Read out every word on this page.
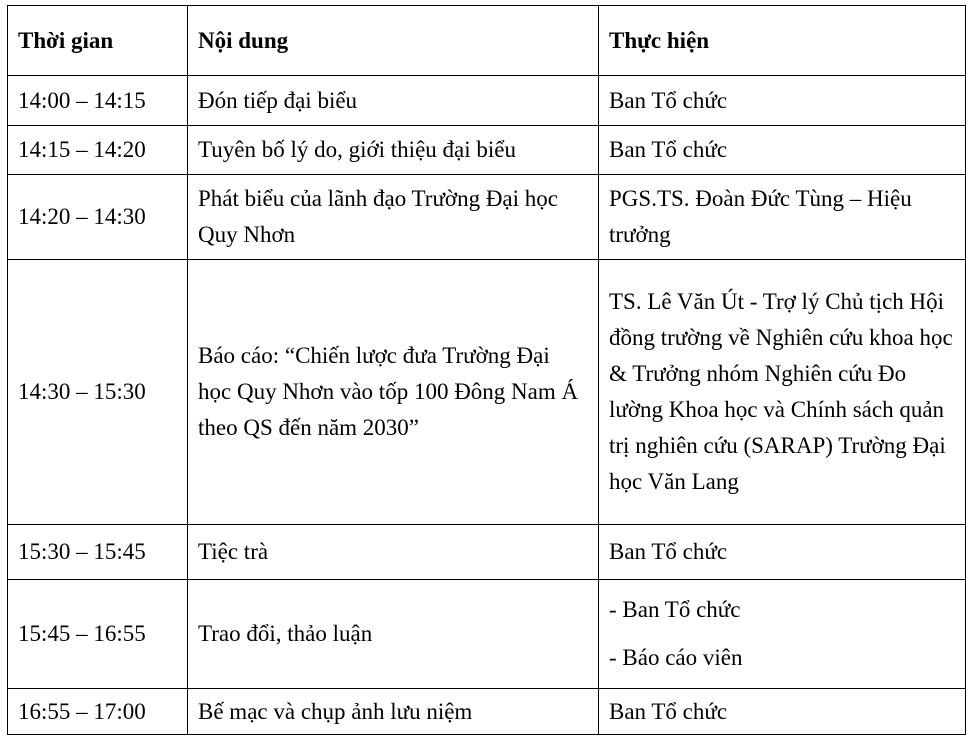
Thời gian	Nội dung	Thực hiện
14:00 – 14:15	Đón tiếp đại biểu	Ban Tổ chức
14:15 – 14:20	Tuyên bố lý do, giới thiệu đại biểu	Ban Tổ chức
14:20 – 14:30	Phát biểu của lãnh đạo Trường Đại học Quy Nhơn	PGS.TS. Đoàn Đức Tùng – Hiệu trưởng
14:30 – 15:30	Báo cáo: “Chiến lược đưa Trường Đại học Quy Nhơn vào tốp 100 Đông Nam Á theo QS đến năm 2030”	TS. Lê Văn Út - Trợ lý Chủ tịch Hội đồng trường về Nghiên cứu khoa học & Trưởng nhóm Nghiên cứu Đo lường Khoa học và Chính sách quản trị nghiên cứu (SARAP) Trường Đại học Văn Lang
15:30 – 15:45	Tiệc trà	Ban Tổ chức
15:45 – 16:55	Trao đổi, thảo luận	- Ban Tổ chức
- Báo cáo viên

16:55 – 17:00	Bế mạc và chụp ảnh lưu niệm	Ban Tổ chức
